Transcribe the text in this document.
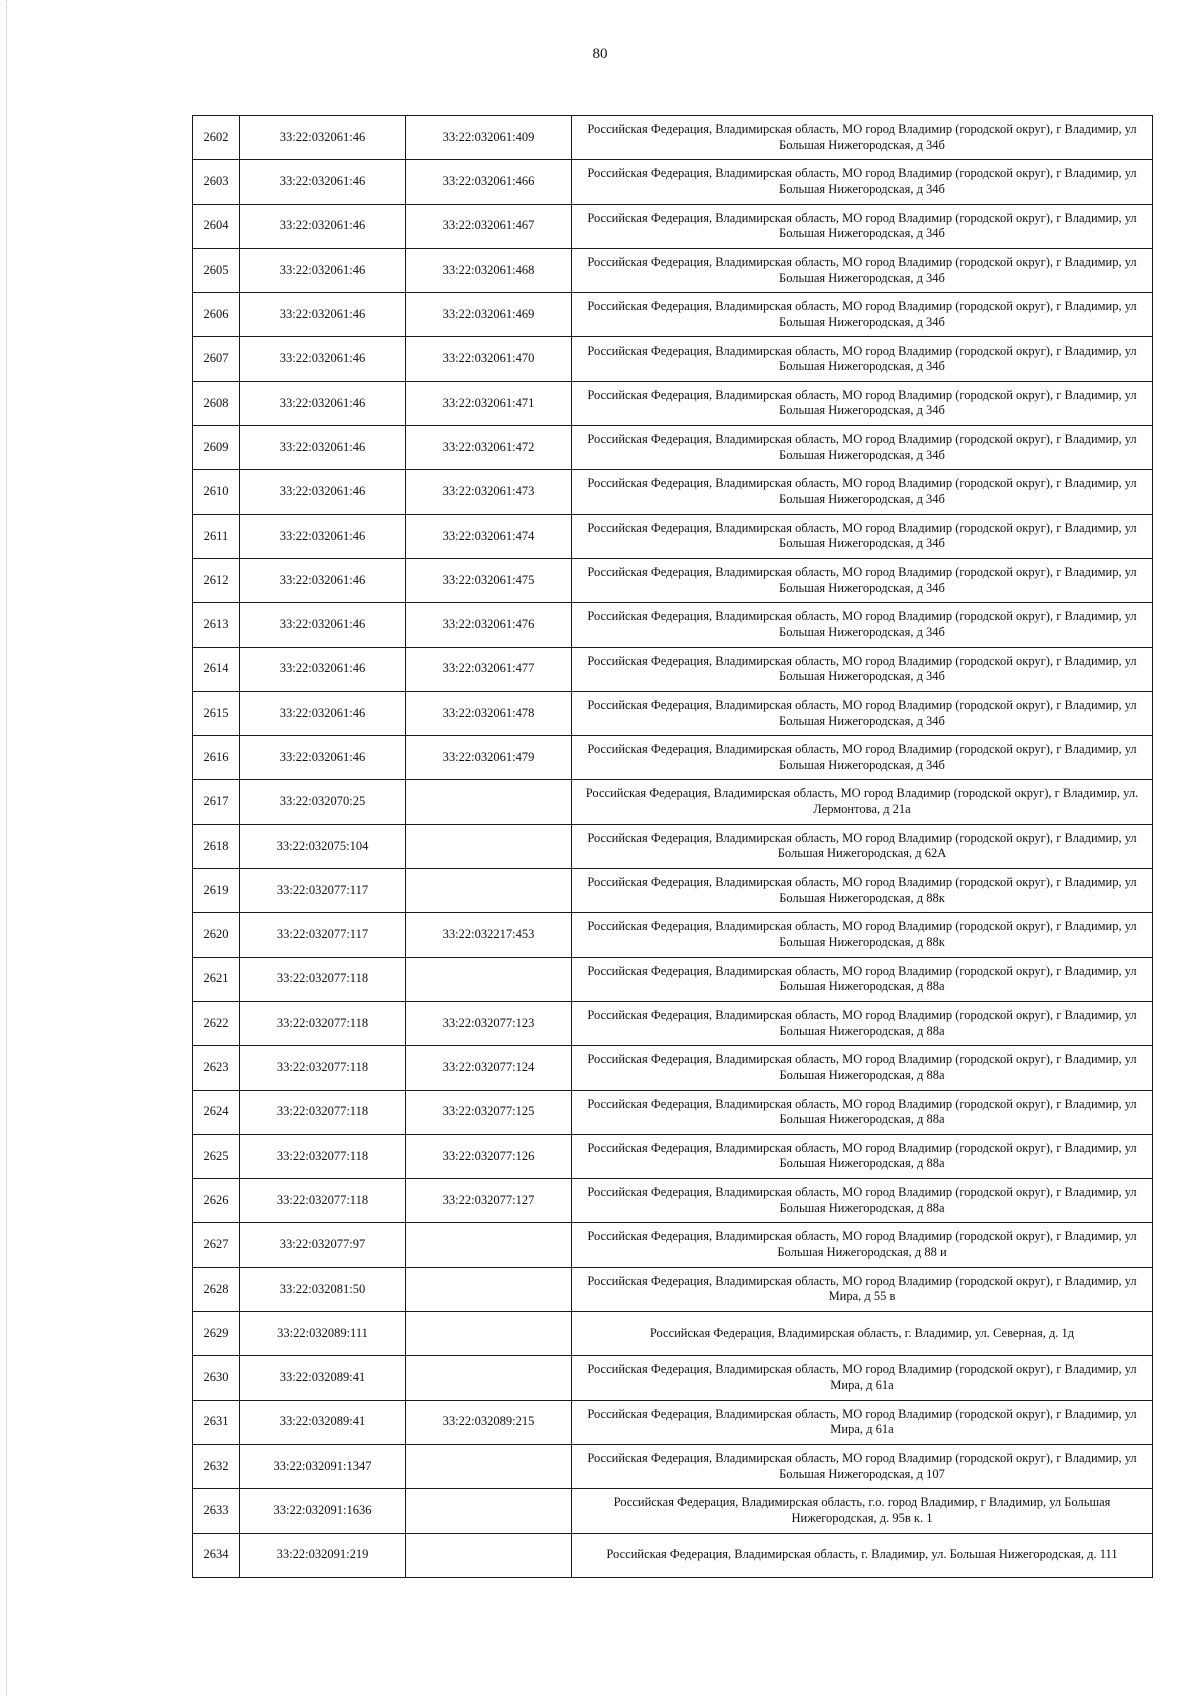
80
2602	33:22:032061:46	33:22:032061:409	Российская Федерация, Владимирская область, МО город Владимир (городской округ), г Владимир, ул Большая Нижегородская, д 34б
2603	33:22:032061:46	33:22:032061:466	Российская Федерация, Владимирская область, МО город Владимир (городской округ), г Владимир, ул Большая Нижегородская, д 34б
2604	33:22:032061:46	33:22:032061:467	Российская Федерация, Владимирская область, МО город Владимир (городской округ), г Владимир, ул Большая Нижегородская, д 34б
2605	33:22:032061:46	33:22:032061:468	Российская Федерация, Владимирская область, МО город Владимир (городской округ), г Владимир, ул Большая Нижегородская, д 34б
2606	33:22:032061:46	33:22:032061:469	Российская Федерация, Владимирская область, МО город Владимир (городской округ), г Владимир, ул Большая Нижегородская, д 34б
2607	33:22:032061:46	33:22:032061:470	Российская Федерация, Владимирская область, МО город Владимир (городской округ), г Владимир, ул Большая Нижегородская, д 34б
2608	33:22:032061:46	33:22:032061:471	Российская Федерация, Владимирская область, МО город Владимир (городской округ), г Владимир, ул Большая Нижегородская, д 34б
2609	33:22:032061:46	33:22:032061:472	Российская Федерация, Владимирская область, МО город Владимир (городской округ), г Владимир, ул Большая Нижегородская, д 34б
2610	33:22:032061:46	33:22:032061:473	Российская Федерация, Владимирская область, МО город Владимир (городской округ), г Владимир, ул Большая Нижегородская, д 34б
2611	33:22:032061:46	33:22:032061:474	Российская Федерация, Владимирская область, МО город Владимир (городской округ), г Владимир, ул Большая Нижегородская, д 34б
2612	33:22:032061:46	33:22:032061:475	Российская Федерация, Владимирская область, МО город Владимир (городской округ), г Владимир, ул Большая Нижегородская, д 34б
2613	33:22:032061:46	33:22:032061:476	Российская Федерация, Владимирская область, МО город Владимир (городской округ), г Владимир, ул Большая Нижегородская, д 34б
2614	33:22:032061:46	33:22:032061:477	Российская Федерация, Владимирская область, МО город Владимир (городской округ), г Владимир, ул Большая Нижегородская, д 34б
2615	33:22:032061:46	33:22:032061:478	Российская Федерация, Владимирская область, МО город Владимир (городской округ), г Владимир, ул Большая Нижегородская, д 34б
2616	33:22:032061:46	33:22:032061:479	Российская Федерация, Владимирская область, МО город Владимир (городской округ), г Владимир, ул Большая Нижегородская, д 34б
2617	33:22:032070:25		Российская Федерация, Владимирская область, МО город Владимир (городской округ), г Владимир, ул. Лермонтова, д 21а
2618	33:22:032075:104		Российская Федерация, Владимирская область, МО город Владимир (городской округ), г Владимир, ул Большая Нижегородская, д 62А
2619	33:22:032077:117		Российская Федерация, Владимирская область, МО город Владимир (городской округ), г Владимир, ул Большая Нижегородская, д 88к
2620	33:22:032077:117	33:22:032217:453	Российская Федерация, Владимирская область, МО город Владимир (городской округ), г Владимир, ул Большая Нижегородская, д 88к
2621	33:22:032077:118		Российская Федерация, Владимирская область, МО город Владимир (городской округ), г Владимир, ул Большая Нижегородская, д 88а
2622	33:22:032077:118	33:22:032077:123	Российская Федерация, Владимирская область, МО город Владимир (городской округ), г Владимир, ул Большая Нижегородская, д 88а
2623	33:22:032077:118	33:22:032077:124	Российская Федерация, Владимирская область, МО город Владимир (городской округ), г Владимир, ул Большая Нижегородская, д 88а
2624	33:22:032077:118	33:22:032077:125	Российская Федерация, Владимирская область, МО город Владимир (городской округ), г Владимир, ул Большая Нижегородская, д 88а
2625	33:22:032077:118	33:22:032077:126	Российская Федерация, Владимирская область, МО город Владимир (городской округ), г Владимир, ул Большая Нижегородская, д 88а
2626	33:22:032077:118	33:22:032077:127	Российская Федерация, Владимирская область, МО город Владимир (городской округ), г Владимир, ул Большая Нижегородская, д 88а
2627	33:22:032077:97		Российская Федерация, Владимирская область, МО город Владимир (городской округ), г Владимир, ул Большая Нижегородская, д 88 и
2628	33:22:032081:50		Российская Федерация, Владимирская область, МО город Владимир (городской округ), г Владимир, ул Мира, д 55 в
2629	33:22:032089:111		Российская Федерация, Владимирская область, г. Владимир, ул. Северная, д. 1д
2630	33:22:032089:41		Российская Федерация, Владимирская область, МО город Владимир (городской округ), г Владимир, ул Мира, д 61а
2631	33:22:032089:41	33:22:032089:215	Российская Федерация, Владимирская область, МО город Владимир (городской округ), г Владимир, ул Мира, д 61а
2632	33:22:032091:1347		Российская Федерация, Владимирская область, МО город Владимир (городской округ), г Владимир, ул Большая Нижегородская, д 107
2633	33:22:032091:1636		Российская Федерация, Владимирская область, г.о. город Владимир, г Владимир, ул Большая Нижегородская, д. 95в к. 1
2634	33:22:032091:219		Российская Федерация, Владимирская область, г. Владимир, ул. Большая Нижегородская, д. 111
